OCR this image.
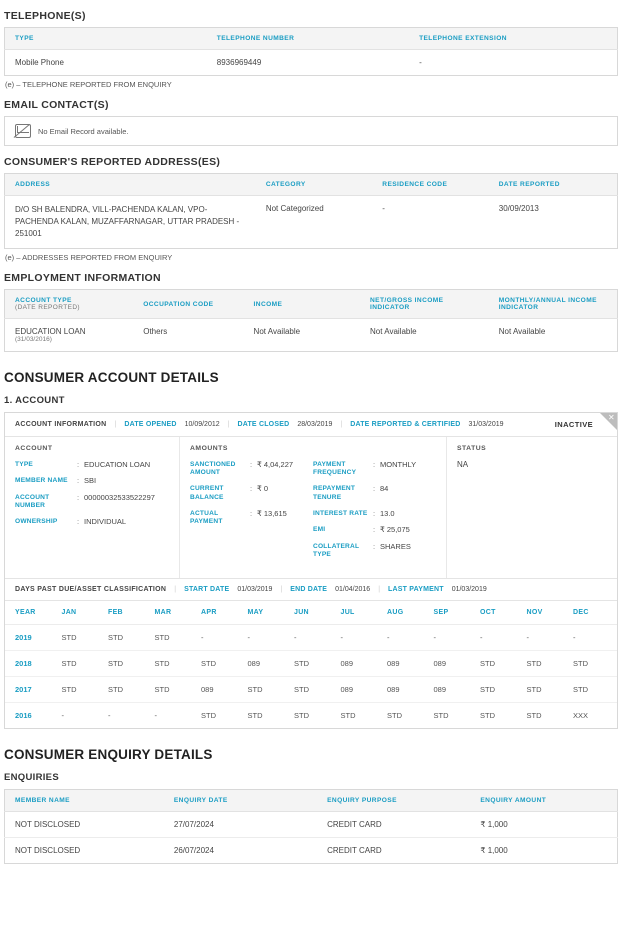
TELEPHONE(S)
TYPE	TELEPHONE NUMBER	TELEPHONE EXTENSION
Mobile Phone	8936969449	-
(e) – TELEPHONE REPORTED FROM ENQUIRY
EMAIL CONTACT(S)
No Email Record available.
CONSUMER'S REPORTED ADDRESS(ES)
ADDRESS	CATEGORY	RESIDENCE CODE	DATE REPORTED
D/O SH BALENDRA, VILL-PACHENDA KALAN, VPO-PACHENDA KALAN, MUZAFFARNAGAR, UTTAR PRADESH - 251001	Not Categorized	-	30/09/2013
(e) – ADDRESSES REPORTED FROM ENQUIRY
EMPLOYMENT INFORMATION
ACCOUNT TYPE
(DATE REPORTED)	OCCUPATION CODE	INCOME	NET/GROSS INCOME INDICATOR	MONTHLY/ANNUAL INCOME INDICATOR
EDUCATION LOAN
(31/03/2016)	Others	Not Available	Not Available	Not Available
CONSUMER ACCOUNT DETAILS
1. ACCOUNT
ACCOUNT INFORMATION | DATE OPENED 10/09/2012 | DATE CLOSED 28/03/2019 | DATE REPORTED & CERTIFIED 31/03/2019	INACTIVE
✕
ACCOUNT
TYPE	: EDUCATION LOAN
MEMBER NAME	: SBI
ACCOUNT NUMBER
: 00000032533522297
OWNERSHIP	: INDIVIDUAL
AMOUNTS
SANCTIONED AMOUNT
: ₹ 4,04,227
CURRENT BALANCE
: ₹ 0
ACTUAL PAYMENT
: ₹ 13,615
PAYMENT FREQUENCY
: MONTHLY
REPAYMENT TENURE
: 84
INTEREST RATE : 13.0
EMI	: ₹ 25,075
COLLATERAL TYPE
: SHARES
STATUS
NA
DAYS PAST DUE/ASSET CLASSIFICATION | START DATE 01/03/2019 | END DATE 01/04/2016 | LAST PAYMENT 01/03/2019
YEAR	JAN	FEB	MAR	APR	MAY	JUN	JUL	AUG	SEP	OCT	NOV	DEC
2019	STD	STD	STD	-	-	-	-	-	-	-	-	-
2018	STD	STD	STD	STD	089	STD	089	089	089	STD	STD	STD
2017	STD	STD	STD	089	STD	STD	089	089	089	STD	STD	STD
2016	-	-	-	STD	STD	STD	STD	STD	STD	STD	STD	XXX
CONSUMER ENQUIRY DETAILS
ENQUIRIES
MEMBER NAME	ENQUIRY DATE	ENQUIRY PURPOSE	ENQUIRY AMOUNT
NOT DISCLOSED	27/07/2024	CREDIT CARD	₹ 1,000
NOT DISCLOSED	26/07/2024	CREDIT CARD	₹ 1,000
